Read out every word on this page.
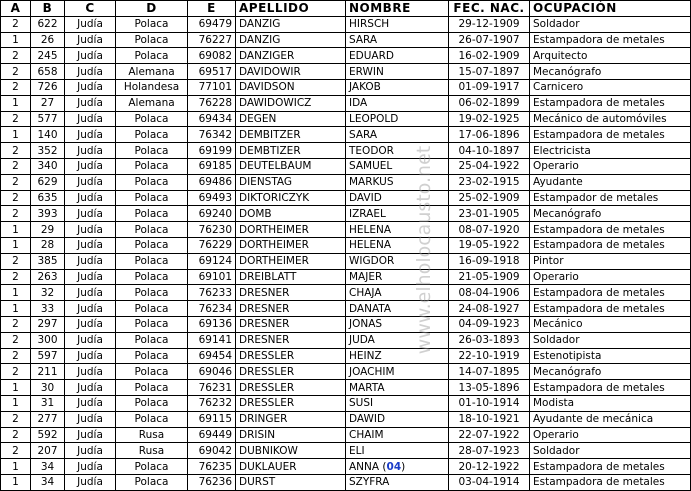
A	B	C	D	E	APELLIDO	NOMBRE	FEC. NAC.	OCUPACIÓN
2	622	Judía	Polaca	69479	DANZIG	HIRSCH	29-12-1909	Soldador
1	26	Judía	Polaca	76227	DANZIG	SARA	26-07-1907	Estampadora de metales
2	245	Judía	Polaca	69082	DANZIGER	EDUARD	16-02-1909	Arquitecto
2	658	Judía	Alemana	69517	DAVIDOWIR	ERWIN	15-07-1897	Mecanógrafo
2	726	Judía	Holandesa	77101	DAVIDSON	JAKOB	01-09-1917	Carnicero
1	27	Judía	Alemana	76228	DAWIDOWICZ	IDA	06-02-1899	Estampadora de metales
2	577	Judía	Polaca	69434	DEGEN	LEOPOLD	19-02-1925	Mecánico de automóviles
1	140	Judía	Polaca	76342	DEMBITZER	SARA	17-06-1896	Estampadora de metales
2	352	Judía	Polaca	69199	DEMBTIZER	TEODOR	04-10-1897	Electricista
2	340	Judía	Polaca	69185	DEUTELBAUM	SAMUEL	25-04-1922	Operario
2	629	Judía	Polaca	69486	DIENSTAG	MARKUS	23-02-1915	Ayudante
2	635	Judía	Polaca	69493	DIKTORICZYK	DAVID	25-02-1909	Estampador de metales
2	393	Judía	Polaca	69240	DOMB	IZRAEL	23-01-1905	Mecanógrafo
1	29	Judía	Polaca	76230	DORTHEIMER	HELENA	08-07-1920	Estampadora de metales
1	28	Judía	Polaca	76229	DORTHEIMER	HELENA	19-05-1922	Estampadora de metales
2	385	Judía	Polaca	69124	DORTHEIMER	WIGDOR	16-09-1918	Pintor
2	263	Judía	Polaca	69101	DREIBLATT	MAJER	21-05-1909	Operario
1	32	Judía	Polaca	76233	DRESNER	CHAJA	08-04-1906	Estampadora de metales
1	33	Judía	Polaca	76234	DRESNER	DANATA	24-08-1927	Estampadora de metales
2	297	Judía	Polaca	69136	DRESNER	JONAS	04-09-1923	Mecánico
2	300	Judía	Polaca	69141	DRESNER	JUDA	26-03-1893	Soldador
2	597	Judía	Polaca	69454	DRESSLER	HEINZ	22-10-1919	Estenotipista
2	211	Judía	Polaca	69046	DRESSLER	JOACHIM	14-07-1895	Mecanógrafo
1	30	Judía	Polaca	76231	DRESSLER	MARTA	13-05-1896	Estampadora de metales
1	31	Judía	Polaca	76232	DRESSLER	SUSI	01-10-1914	Modista
2	277	Judía	Polaca	69115	DRINGER	DAWID	18-10-1921	Ayudante de mecánica
2	592	Judía	Rusa	69449	DRISIN	CHAIM	22-07-1922	Operario
2	207	Judía	Rusa	69042	DUBNIKOW	ELI	28-07-1923	Soldador
1	34	Judía	Polaca	76235	DUKLAUER	ANNA (04)	20-12-1922	Estampadora de metales
1	34	Judía	Polaca	76236	DURST	SZYFRA	03-04-1914	Estampadora de metales
www.elholocausto.net
